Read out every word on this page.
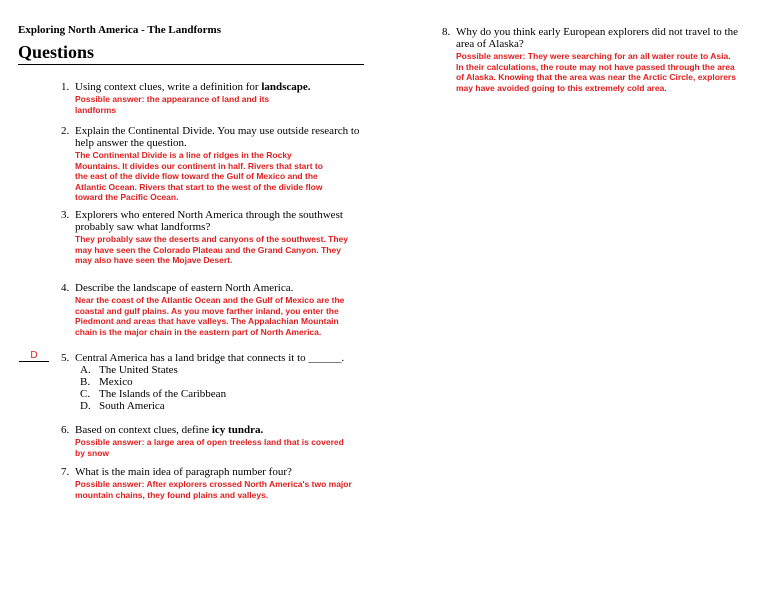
Exploring North America - The Landforms
Questions
1. Using context clues, write a definition for landscape.
Possible answer: the appearance of land and its landforms
2. Explain the Continental Divide. You may use outside research to help answer the question.
The Continental Divide is a line of ridges in the Rocky Mountains. It divides our continent in half. Rivers that start to the east of the divide flow toward the Gulf of Mexico and the Atlantic Ocean. Rivers that start to the west of the divide flow toward the Pacific Ocean.
3. Explorers who entered North America through the southwest probably saw what landforms?
They probably saw the deserts and canyons of the southwest. They may have seen the Colorado Plateau and the Grand Canyon. They may also have seen the Mojave Desert.
4. Describe the landscape of eastern North America.
Near the coast of the Atlantic Ocean and the Gulf of Mexico are the coastal and gulf plains. As you move farther inland, you enter the Piedmont and areas that have valleys. The Appalachian Mountain chain is the major chain in the eastern part of North America.
D	5. Central America has a land bridge that connects it to ______.
A. The United States
B. Mexico
C. The Islands of the Caribbean
D. South America
6. Based on context clues, define icy tundra.
Possible answer: a large area of open treeless land that is covered by snow
7. What is the main idea of paragraph number four?
Possible answer: After explorers crossed North America's two major mountain chains, they found plains and valleys.
8. Why do you think early European explorers did not travel to the area of Alaska?
Possible answer: They were searching for an all water route to Asia. In their calculations, the route may not have passed through the area of Alaska. Knowing that the area was near the Arctic Circle, explorers may have avoided going to this extremely cold area.
